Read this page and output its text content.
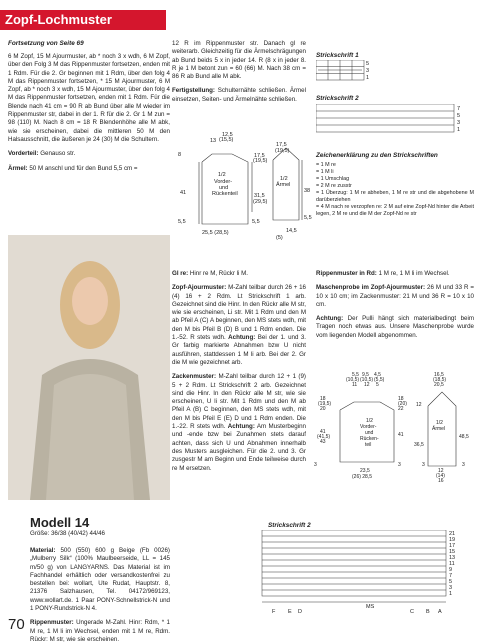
Zopf-Lochmuster
Fortsetzung von Seite 69
6 M Zopf, 15 M Ajourmuster, ab * noch 3 x wdh, 6 M Zopf, über den Folg 3 M das Rippenmuster fortsetzen, enden mit 1 Rdm. Für die 2. Gr beginnen mit 1 Rdm, über den folg 4 M das Rippenmuster fortsetzen, * 15 M Ajourmuster, 6 M Zopf, ab * noch 3 x wdh, 15 M Ajourmuster, über den folg 4 M das Rippenmuster fortsetzen, enden mit 1 Rdm. Für die Blende nach 41 cm = 90 R ab Bund über alle M wieder im Rippenmuster str, dabei in der 1. R für die 2. Gr 1 M zun = 98 (110) M. Nach 8 cm = 18 R Blendenhöhe alle M abk, wie sie erscheinen, dabei die mittleren 50 M den Halsausschnitt, die äußeren je 24 (30) M die Schultern.
Vorderteil: Genauso str.
Ärmel: 50 M anschl und für den Bund 5,5 cm =
12 R im Rippenmuster str. Danach gl re weiterarb. Gleichzeitig für die Ärmelschrägungen ab Bund beids 5 x in jeder 14. R (8 x in jeder 8. R je 1 M betont zun = 60 (66) M. Nach 38 cm = 86 R ab Bund alle M abk.
Fertigstellung: Schulternähte schließen. Ärmel einsetzen, Seiten- und Ärmelnähte schließen.
12,5
(15,5)
13
8	17,5
(19,5)
41
1/2
Vorder-
und
Rückenteil	31,5
(29,5)
5,5	5,5
25,5 (28,5)
17,5
(19,5)
1/2
Ärmel
38
5,5
14,5
(5)
Strickschrift 1
5
3
1
Strickschrift 2
7
5
3
1
Zeichenerklärung zu den Strickschriften
= 1 M re
= 1 M li
= 1 Umschlag
= 2 M re zusstr
= 1 Überzug: 1 M re abheben, 1 M re str und die abgehobene M darüberziehen
= 4 M nach re verzopfen re: 2 M auf eine Zopf-Nd hinter die Arbeit legen, 2 M re und die M der Zopf-Nd re str
Modell 14
Größe: 36/38 (40/42) 44/46
Material: 500 (550) 600 g Beige (Fb 0026) „Mulberry Silk“ (100% Maulbeerseide, LL = 145 m/50 g) von LANGYARNS. Das Material ist im Fachhandel erhältlich oder versandkostenfrei zu bestellen bei: wollart, Ute Rudat, Hauptstr. 8, 21376 Salzhausen, Tel. 04172/969123, www.wollart.de. 1 Paar PONY-Schnellstrick-N und 1 PONY-Rundstrick-N 4.
Rippenmuster: Ungerade M-Zahl. Hinr: Rdm, * 1 M re, 1 M li im Wechsel, enden mit 1 M re, Rdm. Rückr: M str, wie sie erscheinen.
Gl re: Hinr re M, Rückr li M.
Zopf-Ajourmuster: M-Zahl teilbar durch 26 + 16 (4) 16 + 2 Rdm. Lt Strickschrift 1 arb. Gezeichnet sind die Hinr. In den Rückr alle M str, wie sie erscheinen, Li str. Mit 1 Rdm und den M ab Pfeil A (C) A beginnen, den MS stets wdh, mit den M bis Pfeil B (D) B und 1 Rdm enden. Die 1.-52. R stets wdh. Achtung: Bei der 1. und 3. Gr farbig markierte Abnahmen bzw U nicht ausführen, stattdessen 1 M li arb. Bei der 2. Gr die M wie gezeichnet arb.
Zackenmuster: M-Zahl teilbar durch 12 + 1 (9) 5 + 2 Rdm. Lt Strickschrift 2 arb. Gezeichnet sind die Hinr. In den Rückr alle M str, wie sie erscheinen, U li str. Mit 1 Rdm und den M ab Pfeil A (B) C beginnen, den MS stets wdh, mit den M bis Pfeil E (E) D und 1 Rdm enden. Die 1.-22. R stets wdh. Achtung: Am Musterbeginn und -ende bzw bei Zunahmen stets darauf achten, dass sich U und Abnahmen innerhalb des Musters ausgleichen. Für die 2. und 3. Gr zusgestr M am Beginn und Ende teilweise durch re M ersetzen.
Rippenmuster in Rd: 1 M re, 1 M li im Wechsel.
Maschenprobe im Zopf-Ajourmuster: 26 M und 33 R = 10 x 10 cm; im Zackenmuster: 21 M und 36 R = 10 x 10 cm.
Achtung: Der Pulli hängt sich materialbedingt beim Tragen noch etwas aus. Unsere Maschenprobe wurde vom liegenden Modell abgenommen.
5,5 9,5 4,5
(10,5) (10,5) (5,5)
11 12 5
18
(19,5)
20
18
(20)
22
41
(41,5)
43
1/2
Vorder-
und
Rücken-
teil
41
36,5
16,5
(18,5)
20,5
12
1/2
Ärmel
48,5
3
23,5
(26) 28,5
3	3
12
(14)
16
3
Strickschrift 2
21
19
17
15
13
11
9
7
5
3
1
F E D
MS
C B A
70
